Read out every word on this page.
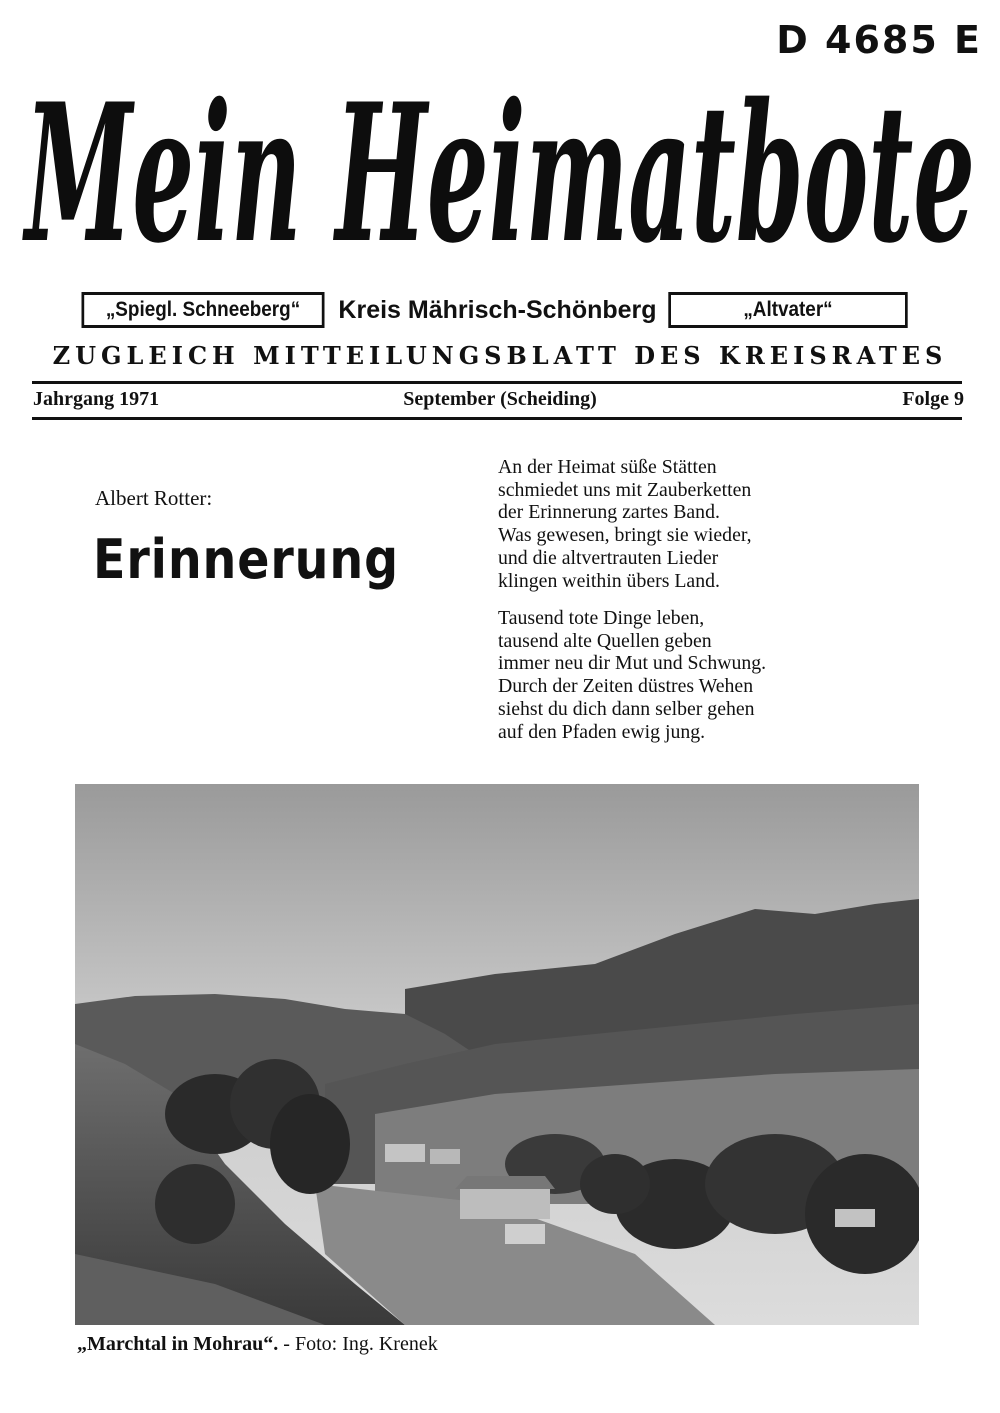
D 4685 E
Mein Heimatbote
„Spiegl. Schneeberg“	Kreis Mährisch-Schönberg	„Altvater“
ZUGLEICH MITTEILUNGSBLATT DES KREISRATES
Jahrgang 1971	September (Scheiding)	Folge 9
Albert Rotter:
Erinnerung
An der Heimat süße Stätten
schmiedet uns mit Zauberketten
der Erinnerung zartes Band.
Was gewesen, bringt sie wieder,
und die altvertrauten Lieder
klingen weithin übers Land.
Tausend tote Dinge leben,
tausend alte Quellen geben
immer neu dir Mut und Schwung.
Durch der Zeiten düstres Wehen
siehst du dich dann selber gehen
auf den Pfaden ewig jung.
„Marchtal in Mohrau“. - Foto: Ing. Krenek
